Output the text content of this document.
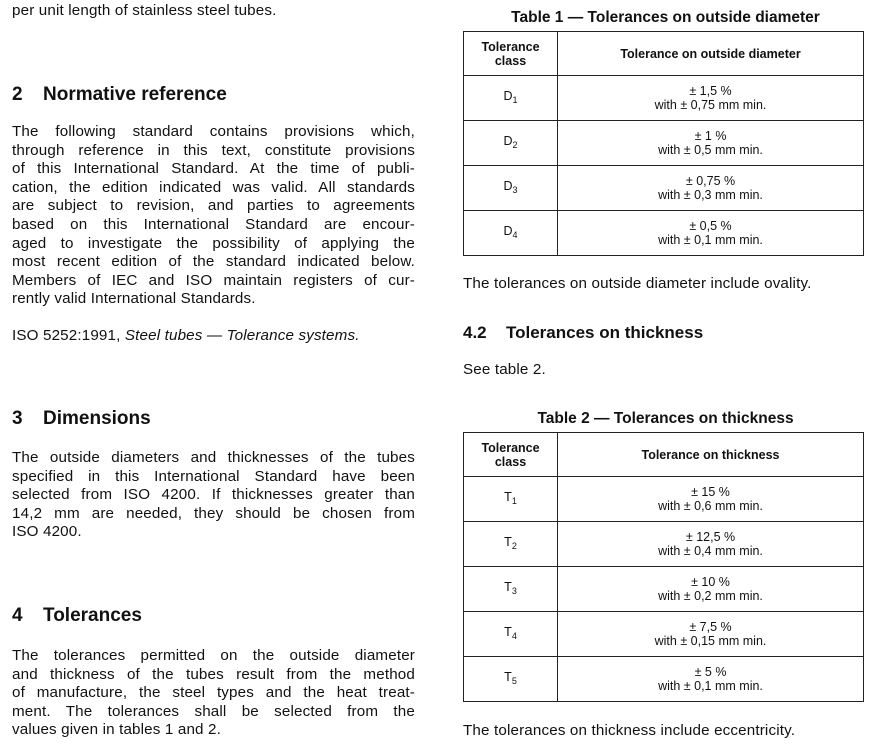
per unit length of stainless steel tubes.

2 Normative reference

The following standard contains provisions which,

through reference in this text, constitute provisions

of this International Standard. At the time of publi-

cation, the edition indicated was valid. All standards

are subject to revision, and parties to agreements

based on this International Standard are encour-

aged to investigate the possibility of applying the

most recent edition of the standard indicated below.

Members of IEC and ISO maintain registers of cur-

rently valid International Standards.

ISO 5252:1991, Steel tubes — Tolerance systems.

3 Dimensions

The outside diameters and thicknesses of the tubes

specified in this International Standard have been

selected from ISO 4200. If thicknesses greater than

14,2 mm are needed, they should be chosen from

ISO 4200.

4 Tolerances

The tolerances permitted on the outside diameter

and thickness of the tubes result from the method

of manufacture, the steel types and the heat treat-

ment. The tolerances shall be selected from the

values given in tables 1 and 2.

Table 1 — Tolerances on outside diameter
Tolerance
class	Tolerance on outside diameter
$D_1$	± 1,5 %
with ± 0,75 mm min.

$D_2$	± 1 %
with ± 0,5 mm min.

$D_3$	± 0,75 %
with ± 0,3 mm min.

$D_4$	± 0,5 %
with ± 0,1 mm min.

The tolerances on outside diameter include ovality.

4.2 Tolerances on thickness

See table 2.

Table 2 — Tolerances on thickness
Tolerance
class	Tolerance on thickness
$T_1$	± 15 %
with ± 0,6 mm min.

$T_2$	± 12,5 %
with ± 0,4 mm min.

$T_3$	± 10 %
with ± 0,2 mm min.

$T_4$	± 7,5 %
with ± 0,15 mm min.

$T_5$	± 5 %
with ± 0,1 mm min.

The tolerances on thickness include eccentricity.
